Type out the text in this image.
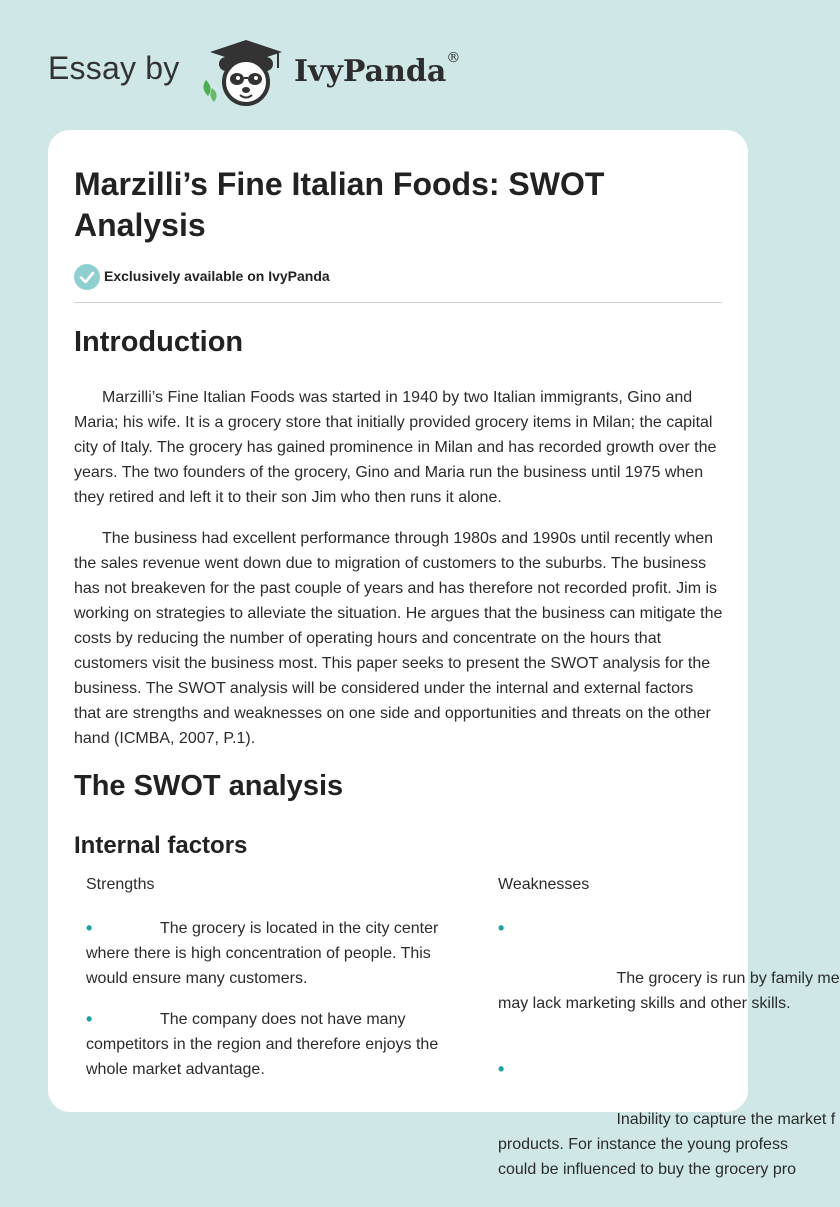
Essay by	IvyPanda®
Marzilli’s Fine Italian Foods: SWOT Analysis
Exclusively available on IvyPanda
Introduction

Marzilli’s Fine Italian Foods was started in 1940 by two Italian immigrants, Gino and Maria; his wife. It is a grocery store that initially provided grocery items in Milan; the capital city of Italy. The grocery has gained prominence in Milan and has recorded growth over the years. The two founders of the grocery, Gino and Maria run the business until 1975 when they retired and left it to their son Jim who then runs it alone.

The business had excellent performance through 1980s and 1990s until recently when the sales revenue went down due to migration of customers to the suburbs. The business has not breakeven for the past couple of years and has therefore not recorded profit. Jim is working on strategies to alleviate the situation. He argues that the business can mitigate the costs by reducing the number of operating hours and concentrate on the hours that customers visit the business most. This paper seeks to present the SWOT analysis for the business. The SWOT analysis will be considered under the internal and external factors that are strengths and weaknesses on one side and opportunities and threats on the other hand (ICMBA, 2007, P.1).

The SWOT analysis
Internal factors
Strengths
•	The grocery is located in the city center where there is high concentration of people. This would ensure many customers.
•	The company does not have many competitors in the region and therefore enjoys the whole market advantage.
Weaknesses

•

The grocery is run by family me
may lack marketing skills and other skills.

•

Inability to capture the market f
products. For instance the young profess
could be influenced to buy the grocery pro
